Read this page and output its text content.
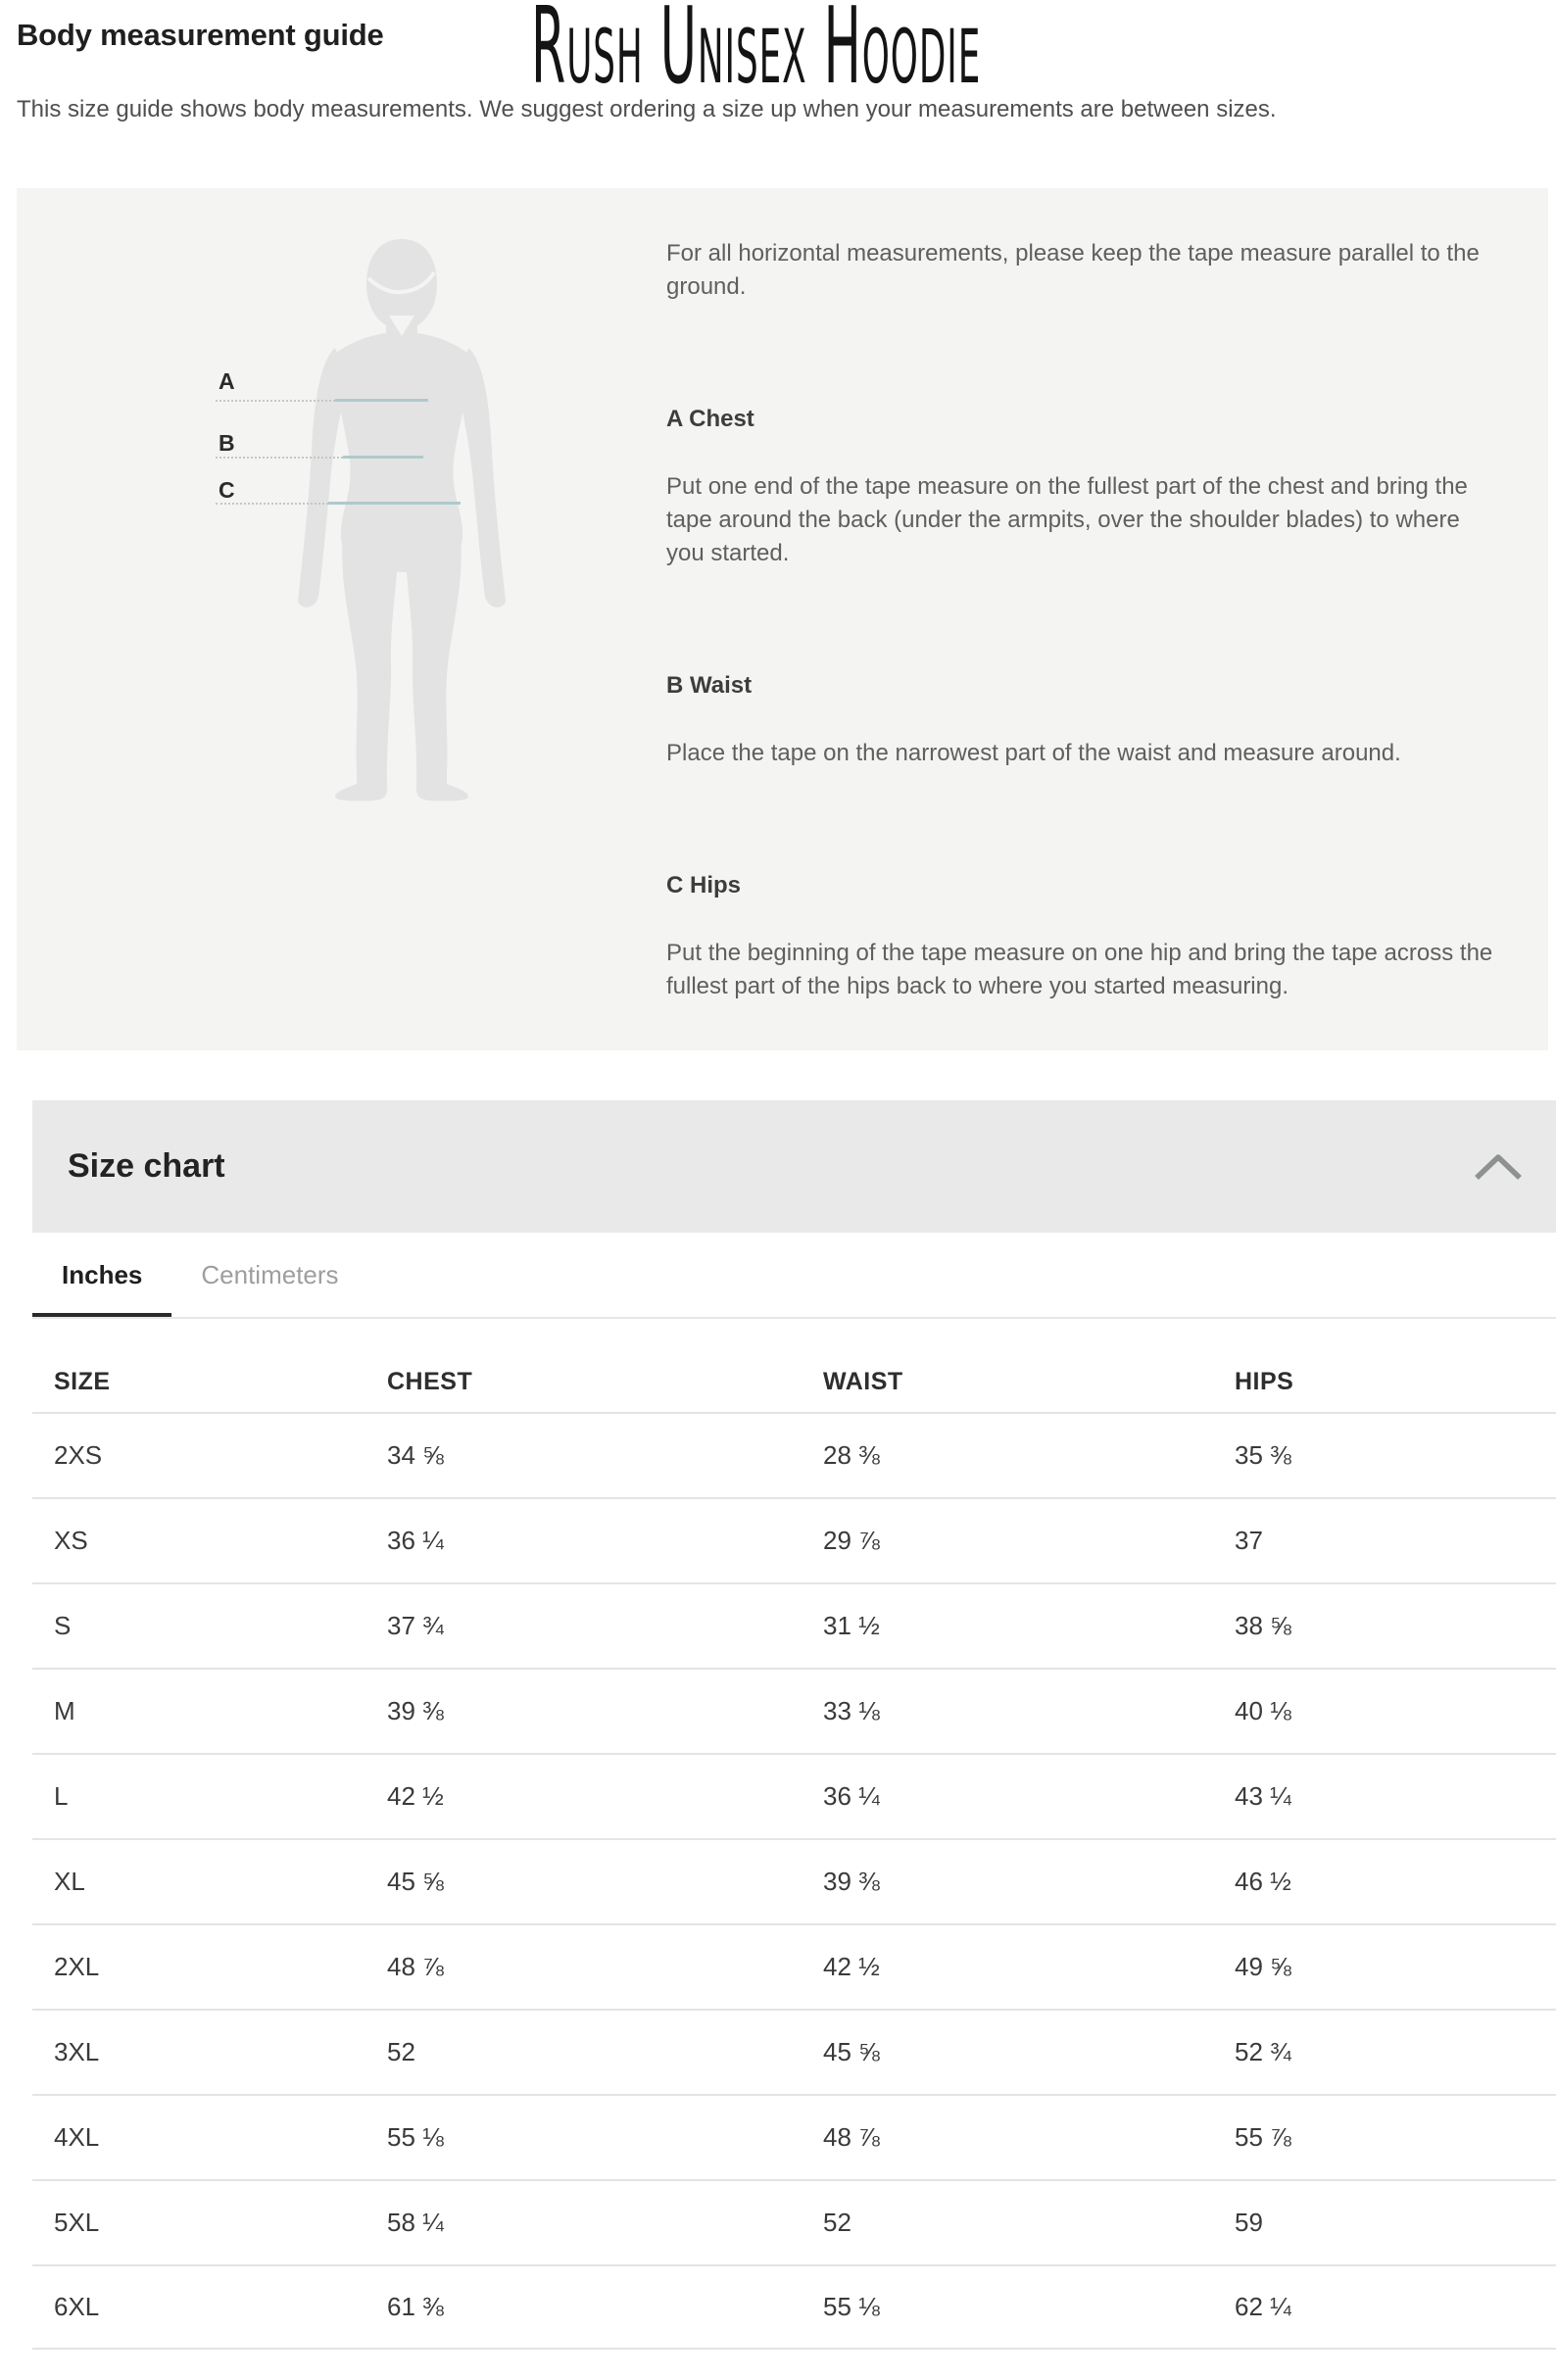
Body measurement guide Rush Unisex Hoodie

This size guide shows body measurements. We suggest ordering a size up when your measurements are between sizes.

A
B
C

For all horizontal measurements, please keep the tape measure parallel to the ground.

A Chest

Put one end of the tape measure on the fullest part of the chest and bring the tape around the back (under the armpits, over the shoulder blades) to where you started.

B Waist

Place the tape on the narrowest part of the waist and measure around.

C Hips

Put the beginning of the tape measure on one hip and bring the tape across the fullest part of the hips back to where you started measuring.

Size chart
Inches	Centimeters
SIZE	CHEST	WAIST	HIPS
2XS	34 ⅝	28 ⅜	35 ⅜
XS	36 ¼	29 ⅞	37
S	37 ¾	31 ½	38 ⅝
M	39 ⅜	33 ⅛	40 ⅛
L	42 ½	36 ¼	43 ¼
XL	45 ⅝	39 ⅜	46 ½
2XL	48 ⅞	42 ½	49 ⅝
3XL	52	45 ⅝	52 ¾
4XL	55 ⅛	48 ⅞	55 ⅞
5XL	58 ¼	52	59
6XL	61 ⅜	55 ⅛	62 ¼
